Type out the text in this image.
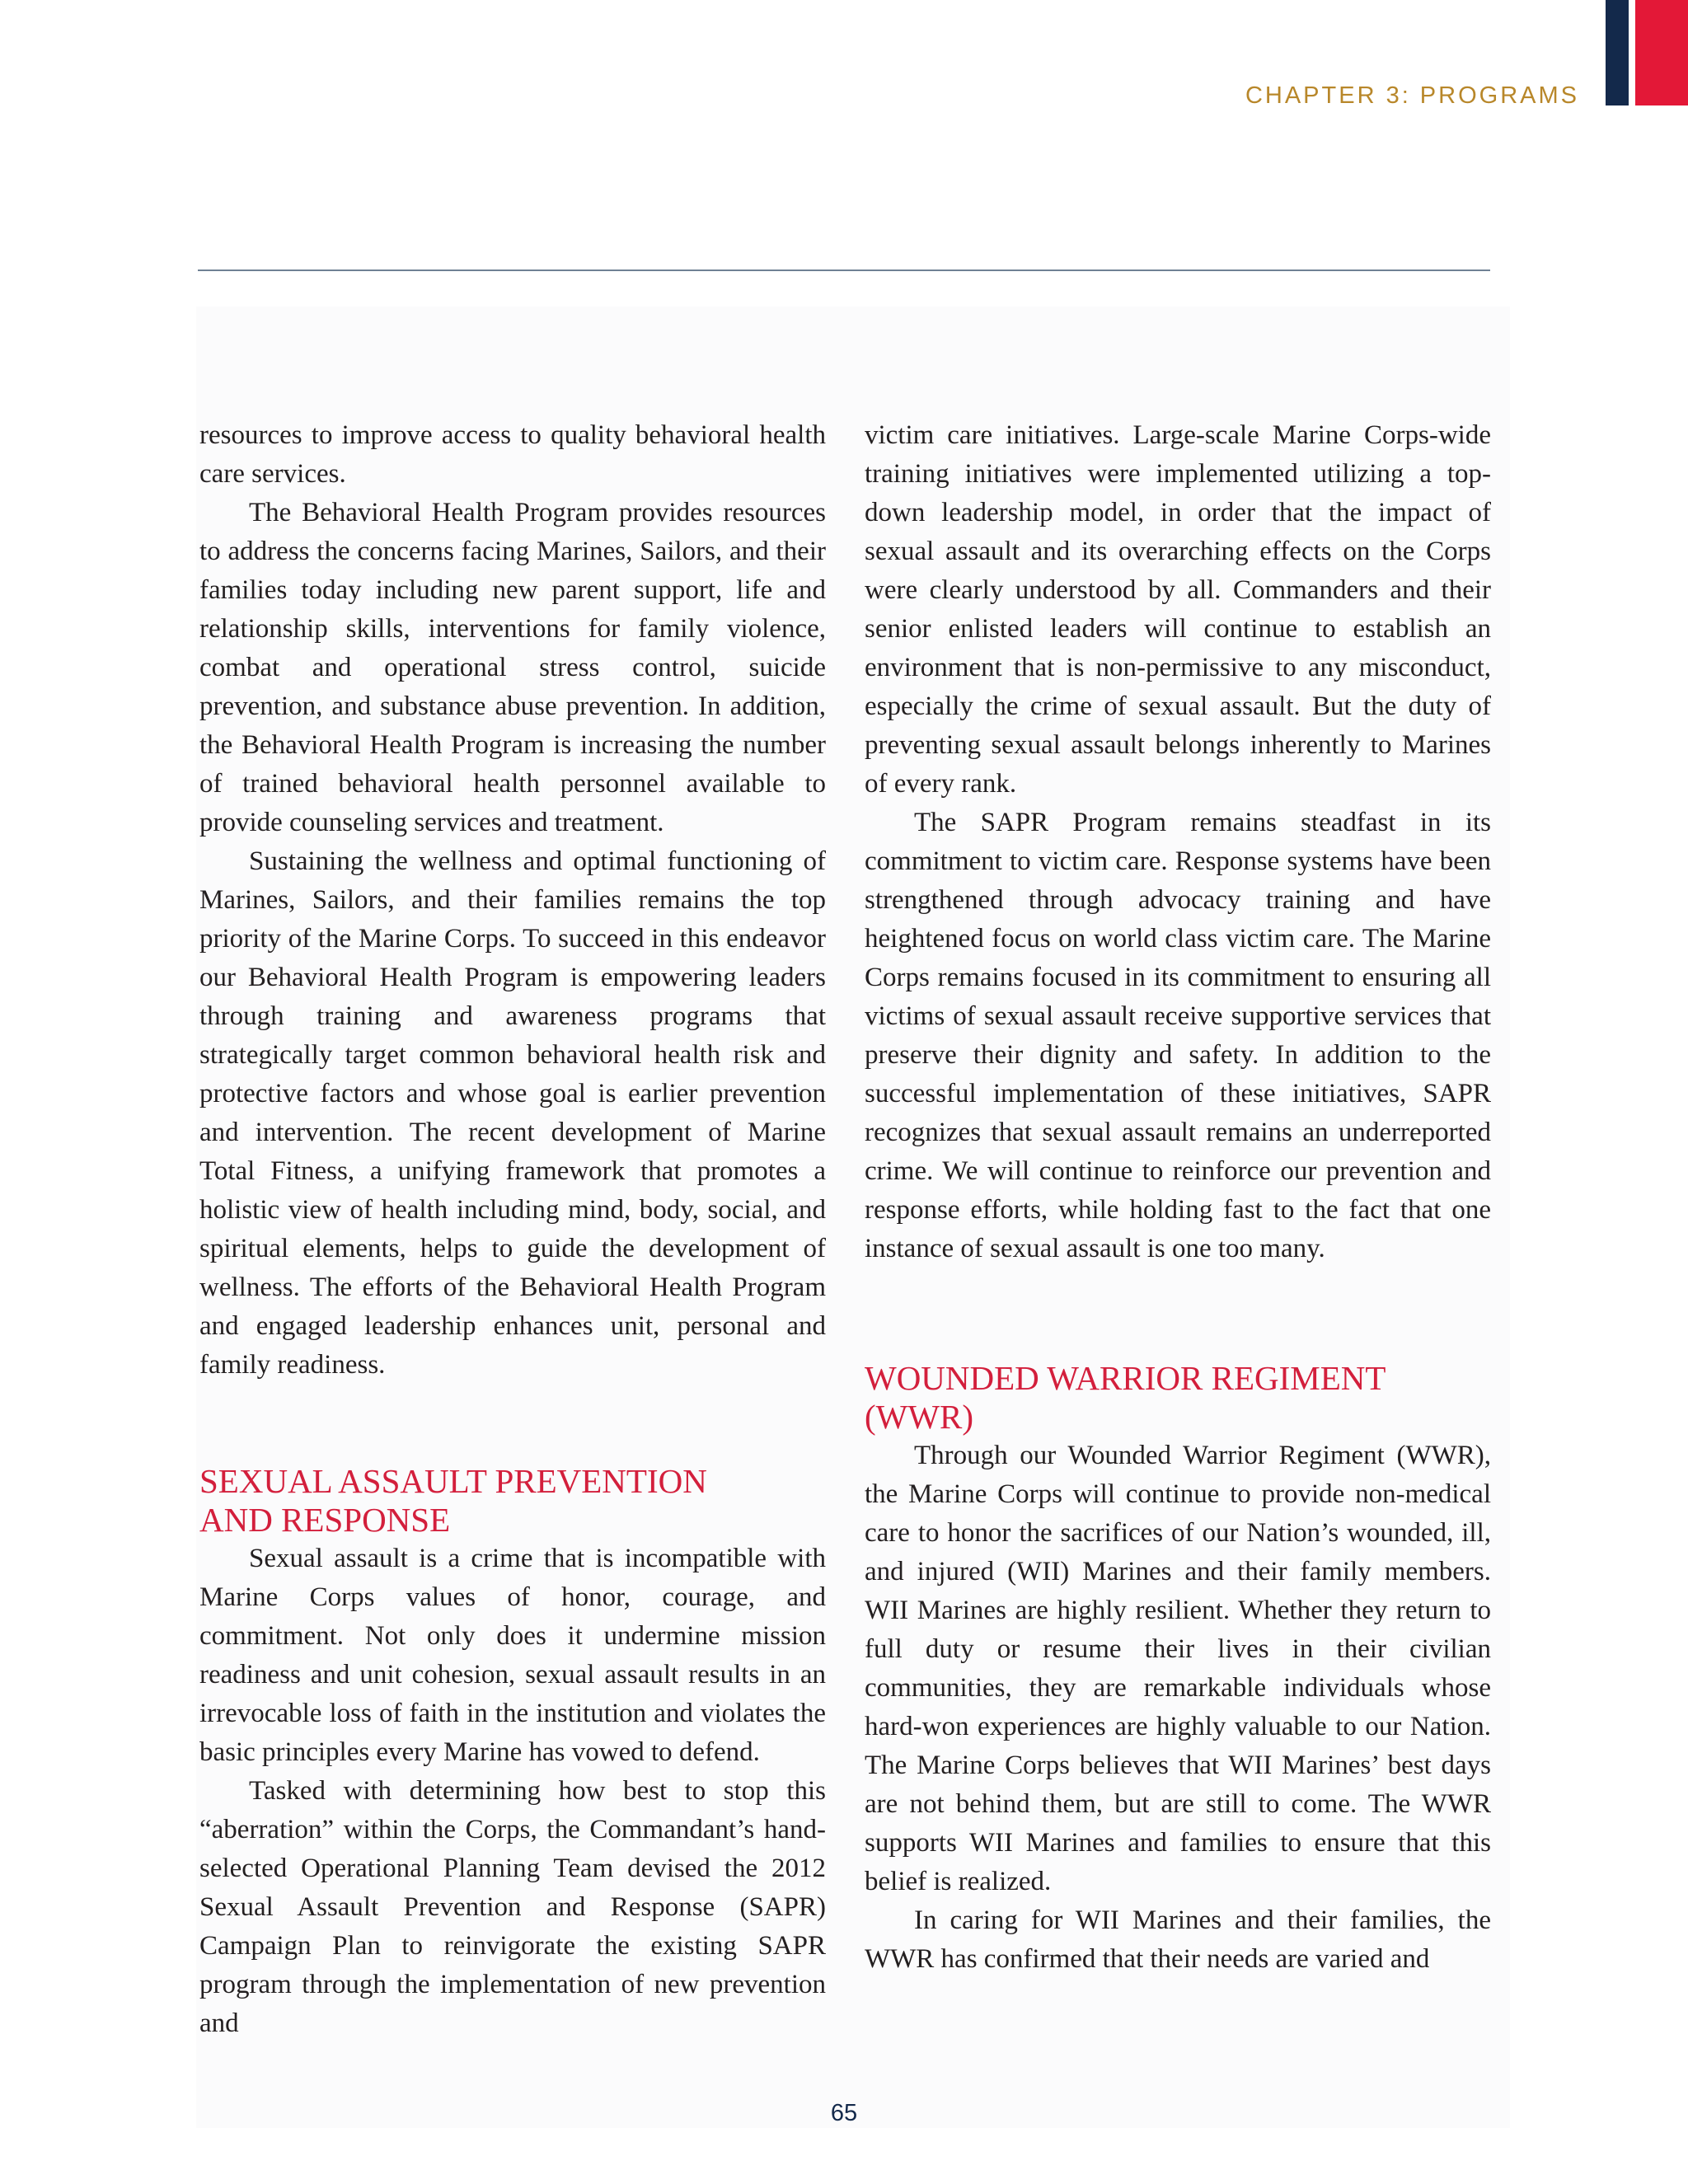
CHAPTER 3: PROGRAMS

resources to improve access to quality behavioral health care services.

The Behavioral Health Program provides resources to address the concerns facing Marines, Sailors, and their families today including new parent support, life and relationship skills, interventions for family violence, combat and operational stress control, suicide prevention, and substance abuse prevention. In addition, the Behavioral Health Program is increasing the number of trained behavioral health personnel available to provide counseling services and treatment.

Sustaining the wellness and optimal functioning of Marines, Sailors, and their families remains the top priority of the Marine Corps. To succeed in this endeavor our Behavioral Health Program is empowering leaders through training and awareness programs that strategically target common behavioral health risk and protective factors and whose goal is earlier prevention and intervention. The recent development of Marine Total Fitness, a unifying framework that promotes a holistic view of health including mind, body, social, and spiritual elements, helps to guide the development of wellness. The efforts of the Behavioral Health Program and engaged leadership enhances unit, personal and family readiness.

SEXUAL ASSAULT PREVENTION
AND RESPONSE

Sexual assault is a crime that is incompatible with Marine Corps values of honor, courage, and commitment. Not only does it undermine mission readiness and unit cohesion, sexual assault results in an irrevocable loss of faith in the institution and violates the basic principles every Marine has vowed to defend.

Tasked with determining how best to stop this “aberration” within the Corps, the Commandant’s hand-selected Operational Planning Team devised the 2012 Sexual Assault Prevention and Response (SAPR) Campaign Plan to reinvigorate the existing SAPR program through the implementation of new prevention and

victim care initiatives. Large-scale Marine Corps-wide training initiatives were implemented utilizing a top-down leadership model, in order that the impact of sexual assault and its overarching effects on the Corps were clearly understood by all. Commanders and their senior enlisted leaders will continue to establish an environment that is non-permissive to any misconduct, especially the crime of sexual assault. But the duty of preventing sexual assault belongs inherently to Marines of every rank.

The SAPR Program remains steadfast in its commitment to victim care. Response systems have been strengthened through advocacy training and have heightened focus on world class victim care. The Marine Corps remains focused in its commitment to ensuring all victims of sexual assault receive supportive services that preserve their dignity and safety. In addition to the successful implementation of these initiatives, SAPR recognizes that sexual assault remains an underreported crime. We will continue to reinforce our prevention and response efforts, while holding fast to the fact that one instance of sexual assault is one too many.

WOUNDED WARRIOR REGIMENT
(WWR)

Through our Wounded Warrior Regiment (WWR), the Marine Corps will continue to provide non-medical care to honor the sacrifices of our Nation’s wounded, ill, and injured (WII) Marines and their family members. WII Marines are highly resilient. Whether they return to full duty or resume their lives in their civilian communities, they are remarkable individuals whose hard-won experiences are highly valuable to our Nation. The Marine Corps believes that WII Marines’ best days are not behind them, but are still to come. The WWR supports WII Marines and families to ensure that this belief is realized.

In caring for WII Marines and their families, the WWR has confirmed that their needs are varied and

65
